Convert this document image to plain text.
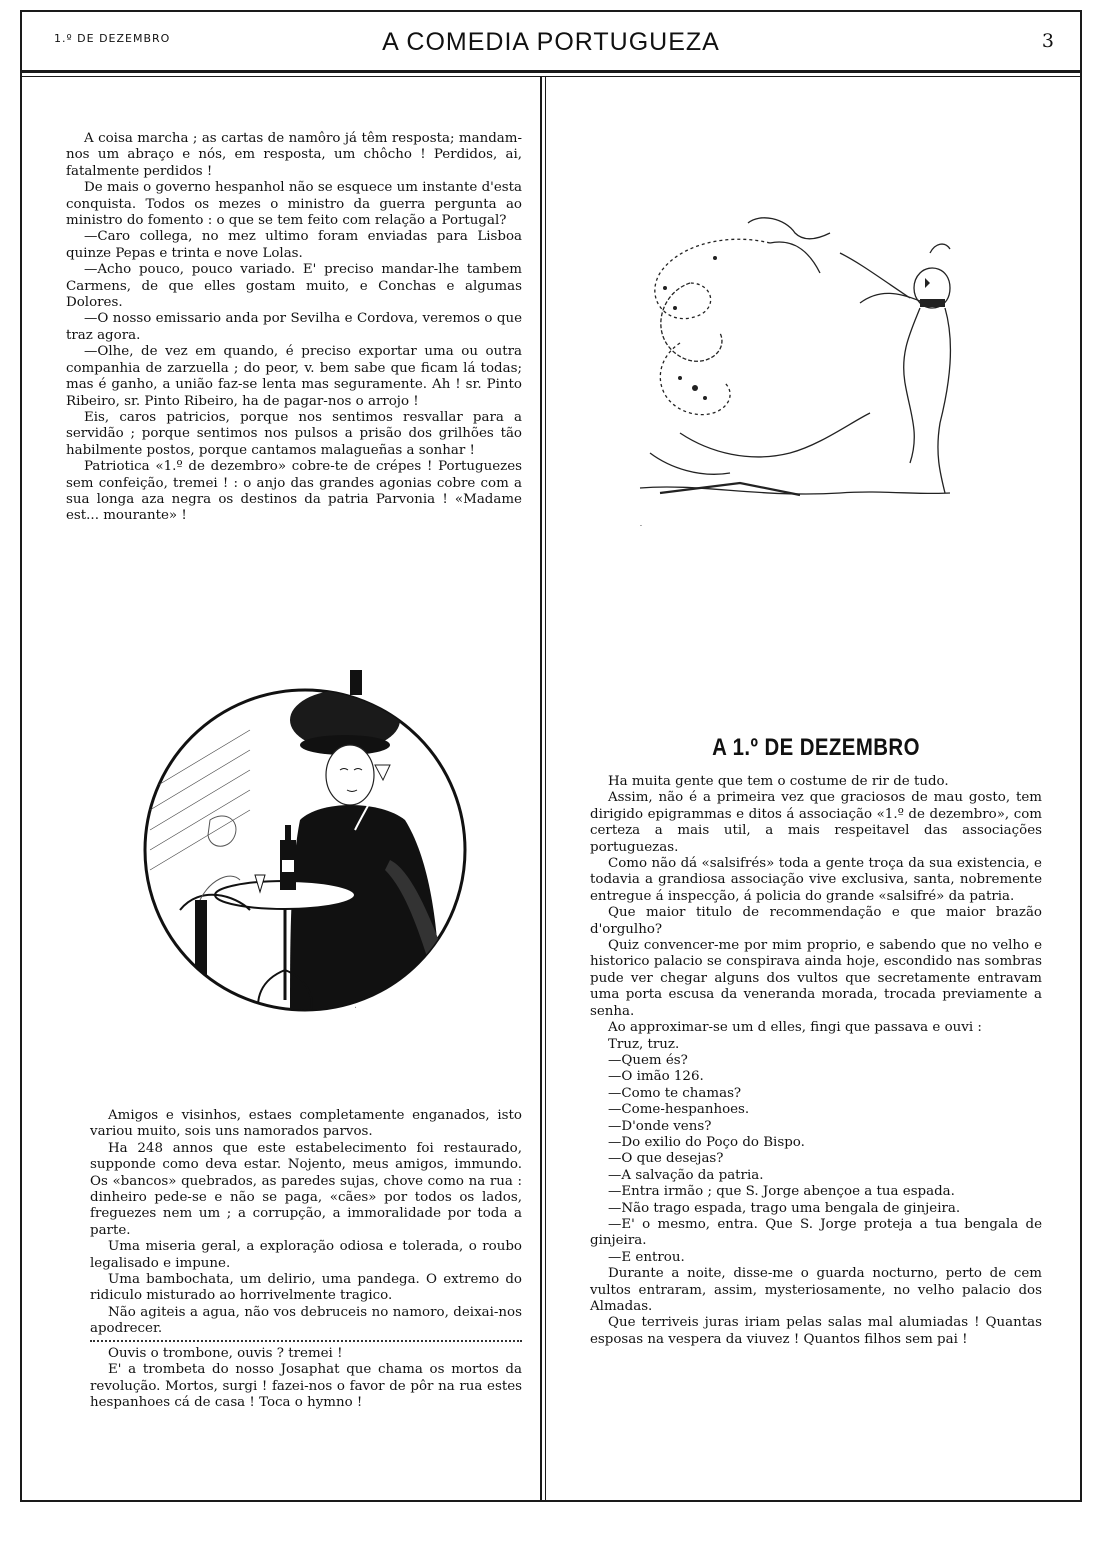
1.º DE DEZEMBRO	A COMEDIA PORTUGUEZA	3

A coisa marcha ; as cartas de namôro já têm resposta; mandam-nos um abraço e nós, em resposta, um chôcho ! Perdidos, ai, fatalmente perdidos !

De mais o governo hespanhol não se esquece um instante d'esta conquista. Todos os mezes o ministro da guerra pergunta ao ministro do fomento : o que se tem feito com relação a Portugal?

—Caro collega, no mez ultimo foram enviadas para Lisboa quinze Pepas e trinta e nove Lolas.

—Acho pouco, pouco variado. E' preciso mandar-lhe tambem Carmens, de que elles gostam muito, e Conchas e algumas Dolores.

—O nosso emissario anda por Sevilha e Cordova, veremos o que traz agora.

—Olhe, de vez em quando, é preciso exportar uma ou outra companhia de zarzuella ; do peor, v. bem sabe que ficam lá todas; mas é ganho, a união faz-se lenta mas seguramente. Ah ! sr. Pinto Ribeiro, sr. Pinto Ribeiro, ha de pagar-nos o arrojo !

Eis, caros patricios, porque nos sentimos resvallar para a servidão ; porque sentimos nos pulsos a prisão dos grilhões tão habilmente postos, porque cantamos malagueñas a sonhar !

Patriotica «1.º de dezembro» cobre-te de crépes ! Portuguezes sem confeição, tremei ! : o anjo das grandes agonias cobre com a sua longa aza negra os destinos da patria Parvonia ! «Madame est... mourante» !

.
.

Amigos e visinhos, estaes completamente enganados, isto variou muito, sois uns namorados parvos.

Ha 248 annos que este estabelecimento foi restaurado, supponde como deva estar. Nojento, meus amigos, immundo. Os «bancos» quebrados, as paredes sujas, chove como na rua : dinheiro pede-se e não se paga, «cães» por todos os lados, freguezes nem um ; a corrupção, a immoralidade por toda a parte.

Uma miseria geral, a exploração odiosa e tolerada, o roubo legalisado e impune.

Uma bambochata, um delirio, uma pandega. O extremo do ridiculo misturado ao horrivelmente tragico.

Não agiteis a agua, não vos debruceis no namoro, deixai-nos apodrecer.

Ouvis o trombone, ouvis ? tremei !

E' a trombeta do nosso Josaphat que chama os mortos da revolução. Mortos, surgi ! fazei-nos o favor de pôr na rua estes hespanhoes cá de casa ! Toca o hymno !

A 1.º DE DEZEMBRO

Ha muita gente que tem o costume de rir de tudo.

Assim, não é a primeira vez que graciosos de mau gosto, tem dirigido epigrammas e ditos á associação «1.º de dezembro», com certeza a mais util, a mais respeitavel das associações portuguezas.

Como não dá «salsifrés» toda a gente troça da sua existencia, e todavia a grandiosa associação vive exclusiva, santa, nobremente entregue á inspecção, á policia do grande «salsifré» da patria.

Que maior titulo de recommendação e que maior brazão d'orgulho?

Quiz convencer-me por mim proprio, e sabendo que no velho e historico palacio se conspirava ainda hoje, escondido nas sombras pude ver chegar alguns dos vultos que secretamente entravam uma porta escusa da veneranda morada, trocada previamente a senha.

Ao approximar-se um d elles, fingi que passava e ouvi :

Truz, truz.

—Quem és?

—O imão 126.

—Como te chamas?

—Come-hespanhoes.

—D'onde vens?

—Do exilio do Poço do Bispo.

—O que desejas?

—A salvação da patria.

—Entra irmão ; que S. Jorge abençoe a tua espada.

—Não trago espada, trago uma bengala de ginjeira.

—E' o mesmo, entra. Que S. Jorge proteja a tua bengala de ginjeira.

—E entrou.

Durante a noite, disse-me o guarda nocturno, perto de cem vultos entraram, assim, mysteriosamente, no velho palacio dos Almadas.

Que terriveis juras iriam pelas salas mal alumiadas ! Quantas esposas na vespera da viuvez ! Quantos filhos sem pai !
